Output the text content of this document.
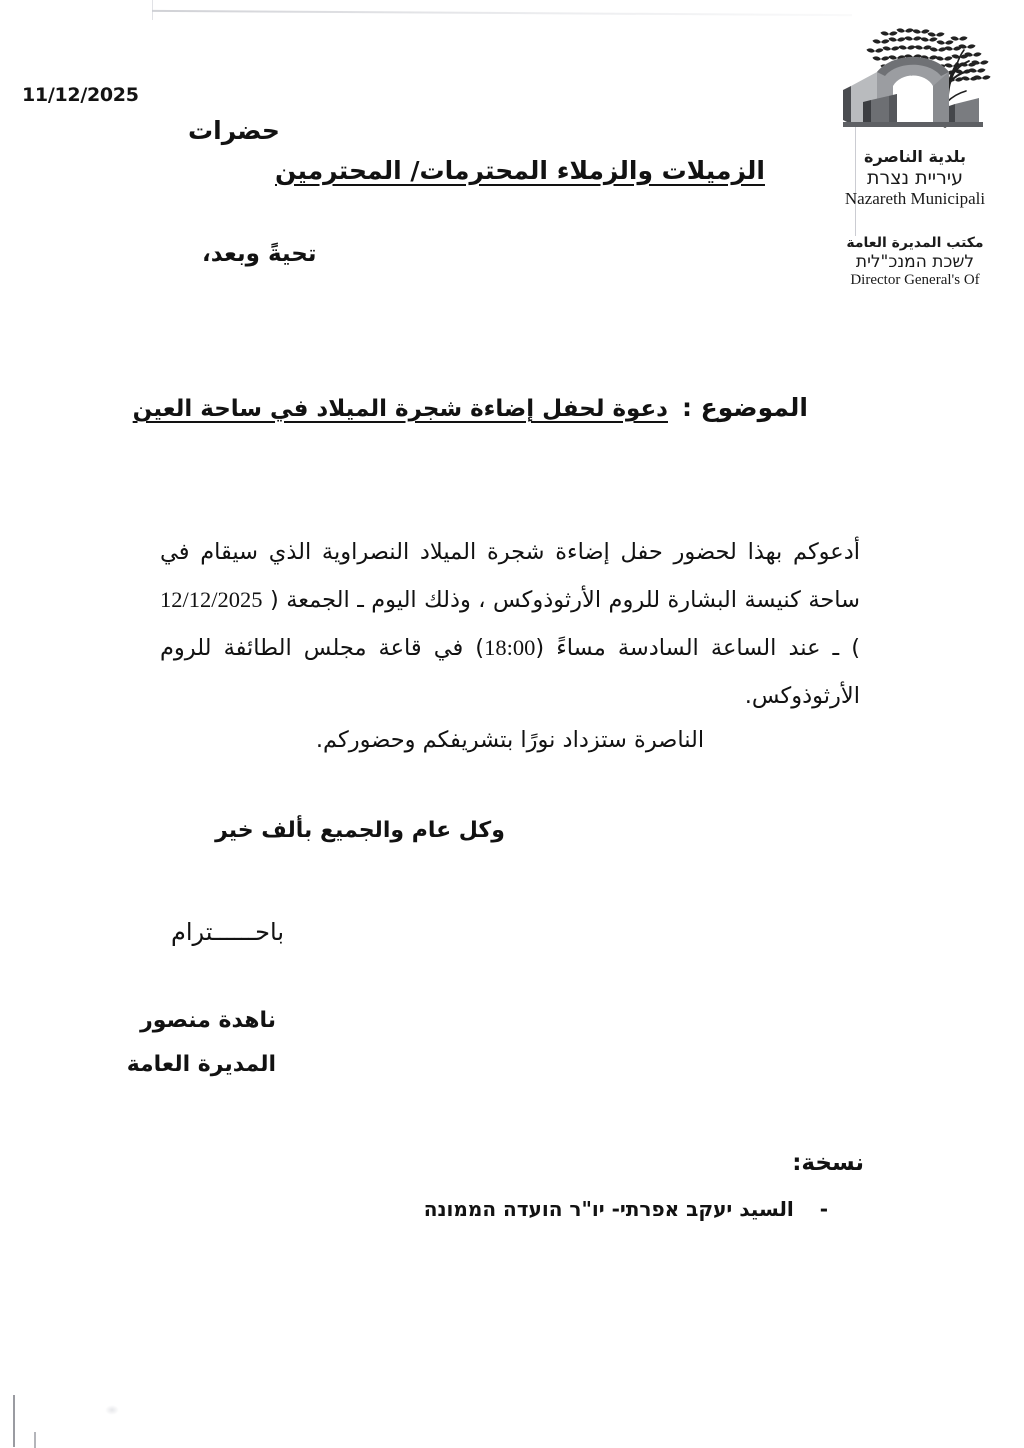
11/12/2025
بلدية الناصرة
עיריית נצרת
Nazareth Municipali
مكتب المديرة العامة
לשכת המנכ"לית
Director General's Of
حضرات
الزميلات والزملاء المحترمات/ المحترمين
تحيةً وبعد،
الموضوع :
دعوة لحفل إضاءة شجرة الميلاد في ساحة العين
أدعوكم بهذا لحضور حفل إضاءة شجرة الميلاد النصراوية الذي سيقام في ساحة كنيسة البشارة للروم الأرثوذوكس ، وذلك اليوم ـ الجمعة ( 12/12/2025 ) ـ عند الساعة السادسة مساءً (18:00) في قاعة مجلس الطائفة للروم الأرثوذوكس.
الناصرة ستزداد نورًا بتشريفكم وحضوركم.
وكل عام والجميع بألف خير
باحــــــترام
ناهدة منصور
المديرة العامة
نسخة:
-
السيد יעקב אפרתי- יו"ר הועדה הממונה
